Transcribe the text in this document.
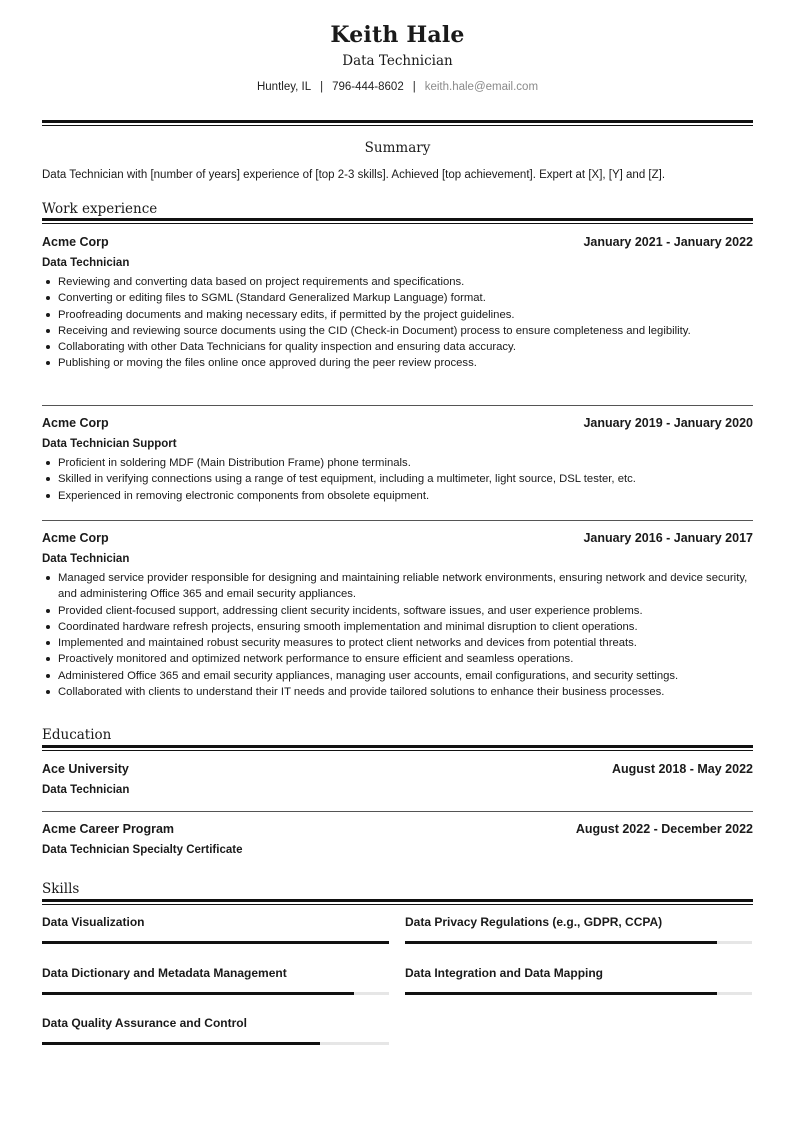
Keith Hale
Data Technician
Huntley, IL | 796-444-8602 | keith.hale@email.com
Summary
Data Technician with [number of years] experience of [top 2-3 skills]. Achieved [top achievement]. Expert at [X], [Y] and [Z].
Work experience
Acme Corp	January 2021 - January 2022
Data Technician
Reviewing and converting data based on project requirements and specifications.
Converting or editing files to SGML (Standard Generalized Markup Language) format.
Proofreading documents and making necessary edits, if permitted by the project guidelines.
Receiving and reviewing source documents using the CID (Check-in Document) process to ensure completeness and legibility.
Collaborating with other Data Technicians for quality inspection and ensuring data accuracy.
Publishing or moving the files online once approved during the peer review process.
Acme Corp	January 2019 - January 2020
Data Technician Support
Proficient in soldering MDF (Main Distribution Frame) phone terminals.
Skilled in verifying connections using a range of test equipment, including a multimeter, light source, DSL tester, etc.
Experienced in removing electronic components from obsolete equipment.
Acme Corp	January 2016 - January 2017
Data Technician
Managed service provider responsible for designing and maintaining reliable network environments, ensuring network and device security, and administering Office 365 and email security appliances.
Provided client-focused support, addressing client security incidents, software issues, and user experience problems.
Coordinated hardware refresh projects, ensuring smooth implementation and minimal disruption to client operations.
Implemented and maintained robust security measures to protect client networks and devices from potential threats.
Proactively monitored and optimized network performance to ensure efficient and seamless operations.
Administered Office 365 and email security appliances, managing user accounts, email configurations, and security settings.
Collaborated with clients to understand their IT needs and provide tailored solutions to enhance their business processes.
Education
Ace University	August 2018 - May 2022
Data Technician
Acme Career Program	August 2022 - December 2022
Data Technician Specialty Certificate
Skills
Data Visualization	Data Privacy Regulations (e.g., GDPR, CCPA)
Data Dictionary and Metadata Management	Data Integration and Data Mapping
Data Quality Assurance and Control
